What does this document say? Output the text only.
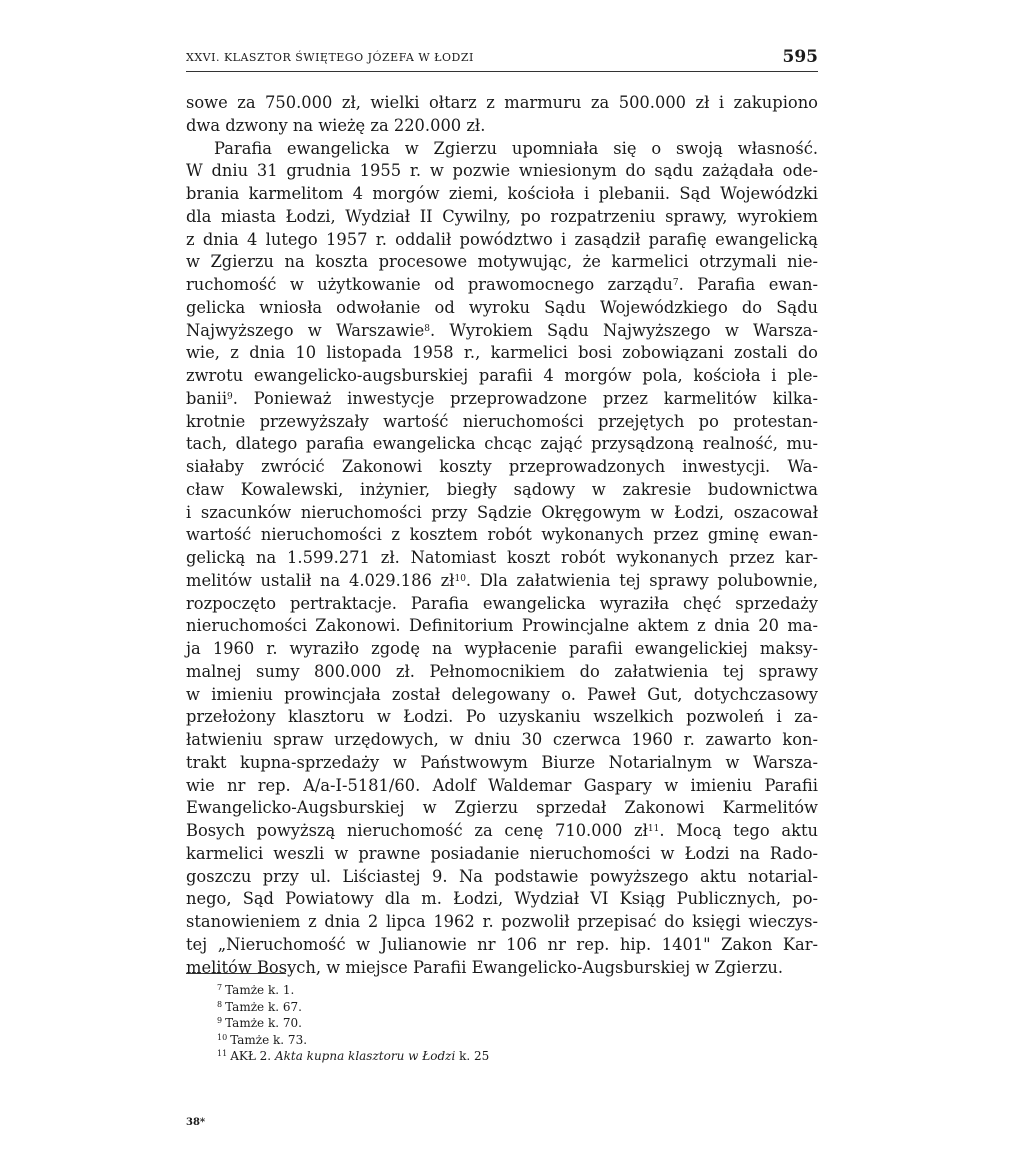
XXVI. KLASZTOR ŚWIĘTEGO JÓZEFA W ŁODZI	595
sowe za 750.000 zł, wielki ołtarz z marmuru za 500.000 zł i zakupiono
dwa dzwony na wieżę za 220.000 zł.
Parafia ewangelicka w Zgierzu upomniała się o swoją własność.
W dniu 31 grudnia 1955 r. w pozwie wniesionym do sądu zażądała ode-
brania karmelitom 4 morgów ziemi, kościoła i plebanii. Sąd Wojewódzki
dla miasta Łodzi, Wydział II Cywilny, po rozpatrzeniu sprawy, wyrokiem
z dnia 4 lutego 1957 r. oddalił powództwo i zasądził parafię ewangelicką
w Zgierzu na koszta procesowe motywując, że karmelici otrzymali nie-
ruchomość w użytkowanie od prawomocnego zarządu$^7$. Parafia ewan-
gelicka wniosła odwołanie od wyroku Sądu Wojewódzkiego do Sądu
Najwyższego w Warszawie$^8$. Wyrokiem Sądu Najwyższego w Warsza-
wie, z dnia 10 listopada 1958 r., karmelici bosi zobowiązani zostali do
zwrotu ewangelicko-augsburskiej parafii 4 morgów pola, kościoła i ple-
banii$^9$. Ponieważ inwestycje przeprowadzone przez karmelitów kilka-
krotnie przewyższały wartość nieruchomości przejętych po protestan-
tach, dlatego parafia ewangelicka chcąc zająć przysądzoną realność, mu-
siałaby zwrócić Zakonowi koszty przeprowadzonych inwestycji. Wa-
cław Kowalewski, inżynier, biegły sądowy w zakresie budownictwa
i szacunków nieruchomości przy Sądzie Okręgowym w Łodzi, oszacował
wartość nieruchomości z kosztem robót wykonanych przez gminę ewan-
gelicką na 1.599.271 zł. Natomiast koszt robót wykonanych przez kar-
melitów ustalił na 4.029.186 $zł^{10}$. Dla załatwienia tej sprawy polubownie,
rozpoczęto pertraktacje. Parafia ewangelicka wyraziła chęć sprzedaży
nieruchomości Zakonowi. Definitorium Prowincjalne aktem z dnia 20 ma-
ja 1960 r. wyraziło zgodę na wypłacenie parafii ewangelickiej maksy-
malnej sumy 800.000 zł. Pełnomocnikiem do załatwienia tej sprawy
w imieniu prowincjała został delegowany o. Paweł Gut, dotychczasowy
przełożony klasztoru w Łodzi. Po uzyskaniu wszelkich pozwoleń i za-
łatwieniu spraw urzędowych, w dniu 30 czerwca 1960 r. zawarto kon-
trakt kupna-sprzedaży w Państwowym Biurze Notarialnym w Warsza-
wie nr rep. A/a-I-5181/60. Adolf Waldemar Gaspary w imieniu Parafii
Ewangelicko-Augsburskiej w Zgierzu sprzedał Zakonowi Karmelitów
Bosych powyższą nieruchomość za cenę 710.000 $zł^{11}$. Mocą tego aktu
karmelici weszli w prawne posiadanie nieruchomości w Łodzi na Rado-
goszczu przy ul. Liściastej 9. Na podstawie powyższego aktu notarial-
nego, Sąd Powiatowy dla m. Łodzi, Wydział VI Ksiąg Publicznych, po-
stanowieniem z dnia 2 lipca 1962 r. pozwolił przepisać do księgi wieczys-
tej „Nieruchomość w Julianowie nr 106 nr rep. hip. 1401" Zakon Kar-
melitów Bosych, w miejsce Parafii Ewangelicko-Augsburskiej w Zgierzu.
$^7$ Tamże k. 1.
$^8$ Tamże k. 67.
$^9$ Tamże k. 70.
$^{10}$ Tamże k. 73.
$^{11}$ AKŁ 2. Akta kupna klasztoru w Łodzi k. 25
38*
